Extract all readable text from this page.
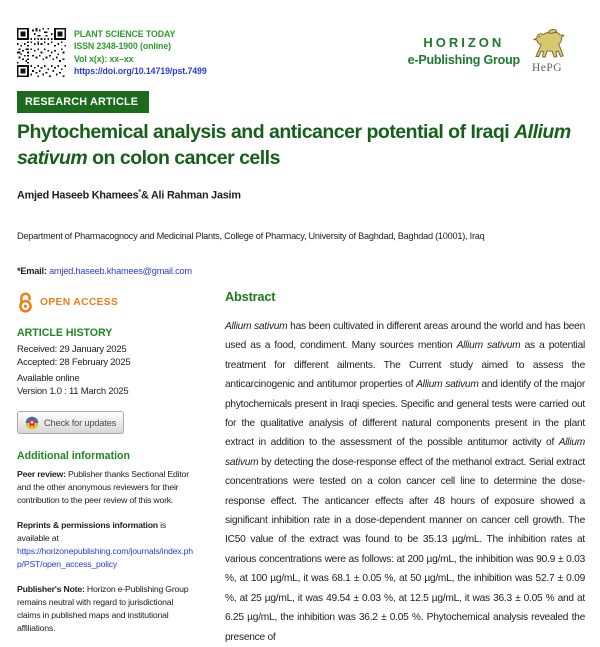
PLANT SCIENCE TODAY
ISSN 2348-1900 (online)
Vol x(x): xx–xx
https://doi.org/10.14719/pst.7499
HORIZON
e-Publishing Group
HePG
RESEARCH ARTICLE
Phytochemical analysis and anticancer potential of Iraqi Allium sativum on colon cancer cells
Amjed Haseeb Khamees*& Ali Rahman Jasim
Department of Pharmacognocy and Medicinal Plants, College of Pharmacy, University of Baghdad, Baghdad (10001), Iraq
*Email: amjed.haseeb.khamees@gmail.com
OPEN ACCESS
ARTICLE HISTORY
Received: 29 January 2025
Accepted: 28 February 2025
Available online
Version 1.0 : 11 March 2025
Check for updates
Additional information

Peer review: Publisher thanks Sectional Editor and the other anonymous reviewers for their contribution to the peer review of this work.

Reprints & permissions information is available at https://horizonepublishing.com/journals/index.php/PST/open_access_policy

Publisher's Note: Horizon e-Publishing Group remains neutral with regard to jurisdictional claims in published maps and institutional affiliations.

Abstract

Allium sativum has been cultivated in different areas around the world and has been used as a food, condiment. Many sources mention Allium sativum as a potential treatment for different ailments. The Current study aimed to assess the anticarcinogenic and antitumor properties of Allium sativum and identify of the major phytochemicals present in Iraqi species. Specific and general tests were carried out for the qualitative analysis of different natural components present in the plant extract in addition to the assessment of the possible antitumor activity of Allium sativum by detecting the dose-response effect of the methanol extract. Serial extract concentrations were tested on a colon cancer cell line to determine the dose-response effect. The anticancer effects after 48 hours of exposure showed a significant inhibition rate in a dose-dependent manner on cancer cell growth. The IC50 value of the extract was found to be 35.13 µg/mL. The inhibition rates at various concentrations were as follows: at 200 µg/mL, the inhibition was 90.9 ± 0.03 %, at 100 µg/mL, it was 68.1 ± 0.05 %, at 50 µg/mL, the inhibition was 52.7 ± 0.09 %, at 25 µg/mL, it was 49.54 ± 0.03 %, at 12.5 µg/mL, it was 36.3 ± 0.05 % and at 6.25 µg/mL, the inhibition was 36.2 ± 0.05 %. Phytochemical analysis revealed the presence of
